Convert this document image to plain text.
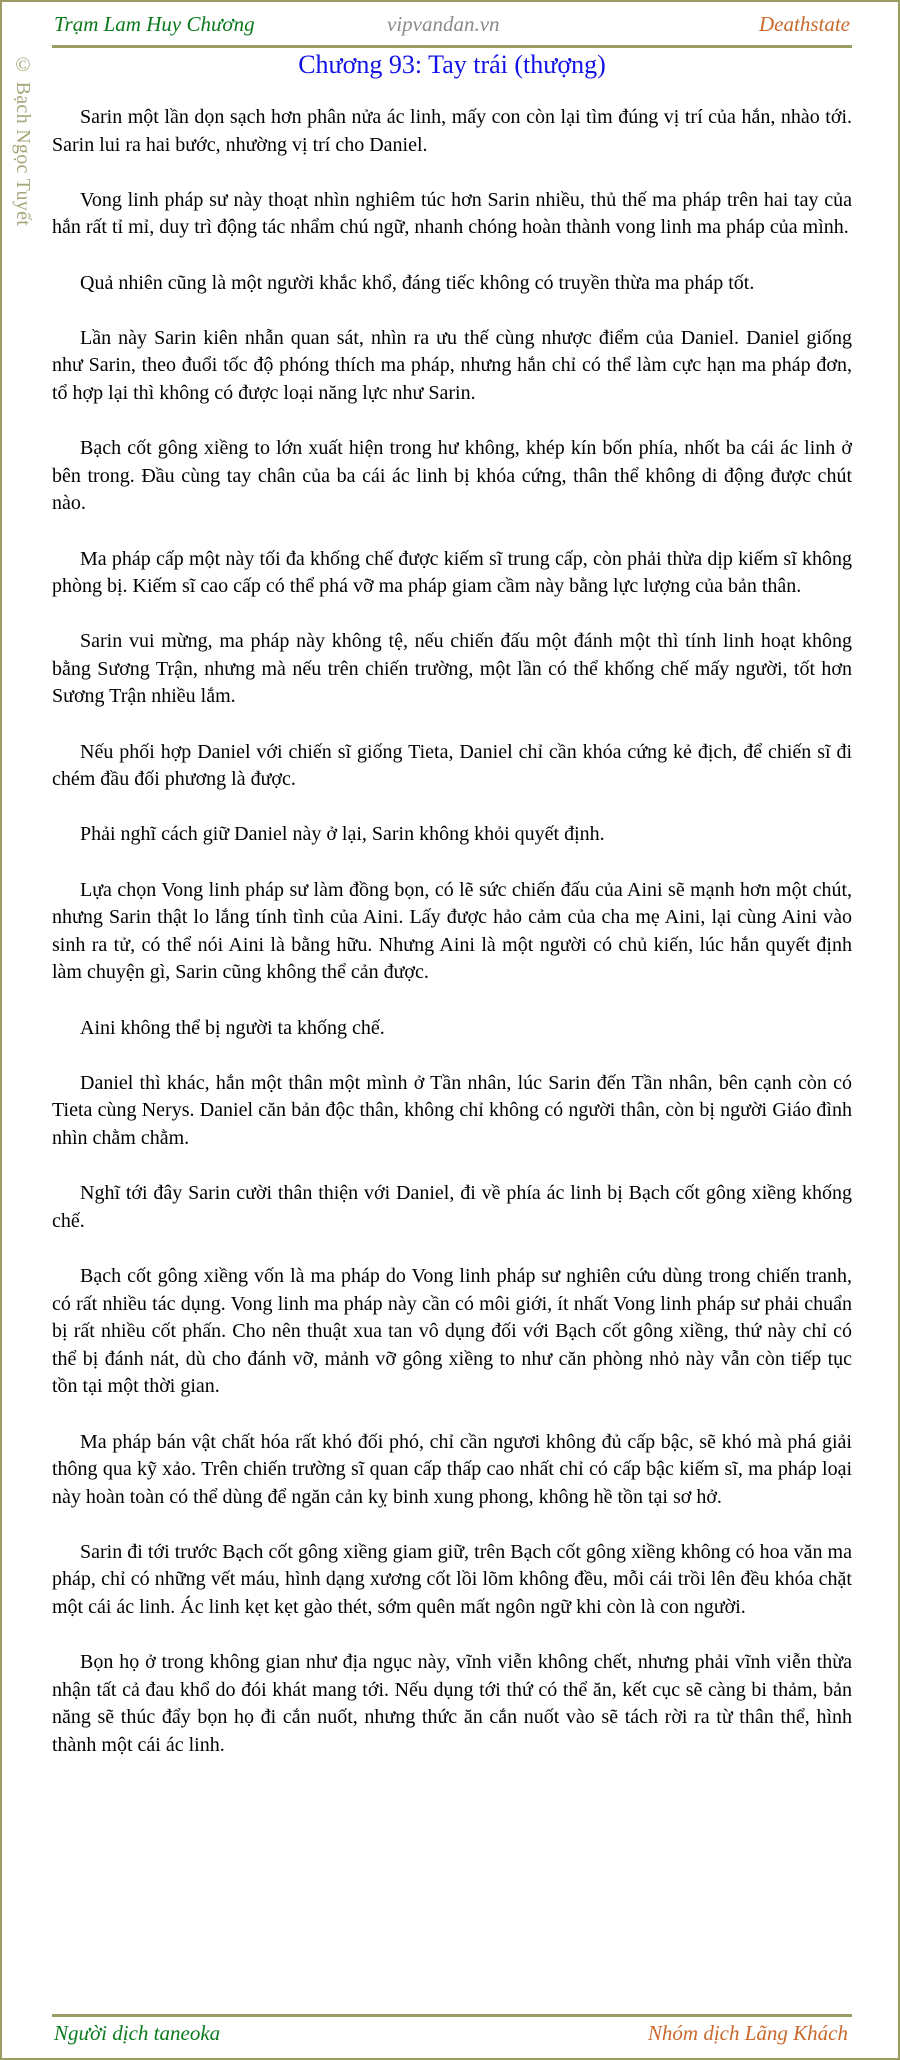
Trạm Lam Huy Chương	vipvandan.vn	Deathstate
© Bạch Ngọc Tuyết	Chương 93: Tay trái (thượng)

Sarin một lần dọn sạch hơn phân nửa ác linh, mấy con còn lại tìm đúng vị trí của hắn, nhào tới. Sarin lui ra hai bước, nhường vị trí cho Daniel.

Vong linh pháp sư này thoạt nhìn nghiêm túc hơn Sarin nhiều, thủ thế ma pháp trên hai tay của hắn rất tỉ mỉ, duy trì động tác nhẩm chú ngữ, nhanh chóng hoàn thành vong linh ma pháp của mình.

Quả nhiên cũng là một người khắc khổ, đáng tiếc không có truyền thừa ma pháp tốt.

Lần này Sarin kiên nhẫn quan sát, nhìn ra ưu thế cùng nhược điểm của Daniel. Daniel giống như Sarin, theo đuổi tốc độ phóng thích ma pháp, nhưng hắn chỉ có thể làm cực hạn ma pháp đơn, tổ hợp lại thì không có được loại năng lực như Sarin.

Bạch cốt gông xiềng to lớn xuất hiện trong hư không, khép kín bốn phía, nhốt ba cái ác linh ở bên trong. Đầu cùng tay chân của ba cái ác linh bị khóa cứng, thân thể không di động được chút nào.

Ma pháp cấp một này tối đa khống chế được kiếm sĩ trung cấp, còn phải thừa dịp kiếm sĩ không phòng bị. Kiếm sĩ cao cấp có thể phá vỡ ma pháp giam cầm này bằng lực lượng của bản thân.

Sarin vui mừng, ma pháp này không tệ, nếu chiến đấu một đánh một thì tính linh hoạt không bằng Sương Trận, nhưng mà nếu trên chiến trường, một lần có thể khống chế mấy người, tốt hơn Sương Trận nhiều lắm.

Nếu phối hợp Daniel với chiến sĩ giống Tieta, Daniel chỉ cần khóa cứng kẻ địch, để chiến sĩ đi chém đầu đối phương là được.

Phải nghĩ cách giữ Daniel này ở lại, Sarin không khỏi quyết định.

Lựa chọn Vong linh pháp sư làm đồng bọn, có lẽ sức chiến đấu của Aini sẽ mạnh hơn một chút, nhưng Sarin thật lo lắng tính tình của Aini. Lấy được hảo cảm của cha mẹ Aini, lại cùng Aini vào sinh ra tử, có thể nói Aini là bằng hữu. Nhưng Aini là một người có chủ kiến, lúc hắn quyết định làm chuyện gì, Sarin cũng không thể cản được.

Aini không thể bị người ta khống chế.

Daniel thì khác, hắn một thân một mình ở Tần nhân, lúc Sarin đến Tần nhân, bên cạnh còn có Tieta cùng Nerys. Daniel căn bản độc thân, không chỉ không có người thân, còn bị người Giáo đình nhìn chằm chằm.

Nghĩ tới đây Sarin cười thân thiện với Daniel, đi về phía ác linh bị Bạch cốt gông xiềng khống chế.

Bạch cốt gông xiềng vốn là ma pháp do Vong linh pháp sư nghiên cứu dùng trong chiến tranh, có rất nhiều tác dụng. Vong linh ma pháp này cần có môi giới, ít nhất Vong linh pháp sư phải chuẩn bị rất nhiều cốt phấn. Cho nên thuật xua tan vô dụng đối với Bạch cốt gông xiềng, thứ này chỉ có thể bị đánh nát, dù cho đánh vỡ, mảnh vỡ gông xiềng to như căn phòng nhỏ này vẫn còn tiếp tục tồn tại một thời gian.

Ma pháp bán vật chất hóa rất khó đối phó, chỉ cần ngươi không đủ cấp bậc, sẽ khó mà phá giải thông qua kỹ xảo. Trên chiến trường sĩ quan cấp thấp cao nhất chỉ có cấp bậc kiếm sĩ, ma pháp loại này hoàn toàn có thể dùng để ngăn cản kỵ binh xung phong, không hề tồn tại sơ hở.

Sarin đi tới trước Bạch cốt gông xiềng giam giữ, trên Bạch cốt gông xiềng không có hoa văn ma pháp, chỉ có những vết máu, hình dạng xương cốt lồi lõm không đều, mỗi cái trồi lên đều khóa chặt một cái ác linh. Ác linh kẹt kẹt gào thét, sớm quên mất ngôn ngữ khi còn là con người.

Bọn họ ở trong không gian như địa ngục này, vĩnh viễn không chết, nhưng phải vĩnh viễn thừa nhận tất cả đau khổ do đói khát mang tới. Nếu dụng tới thứ có thể ăn, kết cục sẽ càng bi thảm, bản năng sẽ thúc đẩy bọn họ đi cắn nuốt, nhưng thức ăn cắn nuốt vào sẽ tách rời ra từ thân thể, hình thành một cái ác linh.

Người dịch taneoka	Nhóm dịch Lãng Khách
